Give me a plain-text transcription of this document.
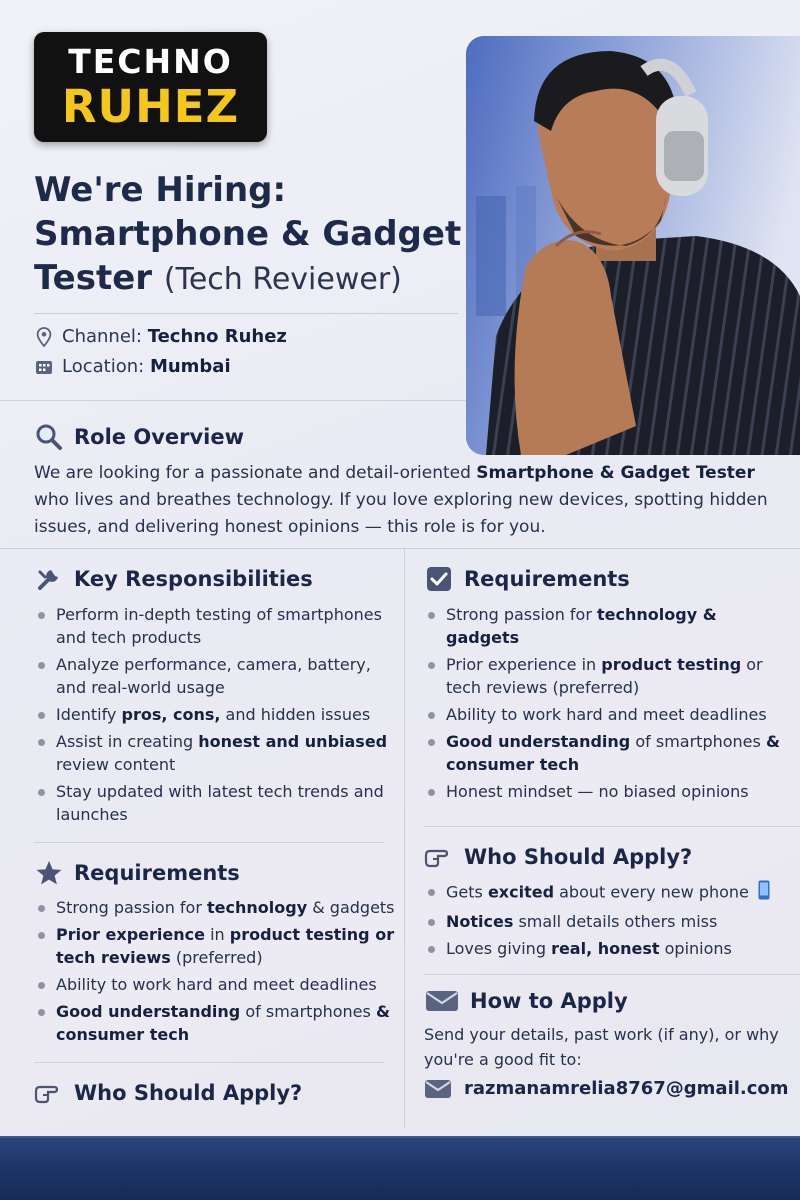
TECHNO
RUHEZ
We're Hiring:
Smartphone & Gadget
Tester (Tech Reviewer)
Channel:
Techno Ruhez
Location:
Mumbai
Role Overview
We are looking for a passionate and detail-oriented Smartphone & Gadget Tester who lives and breathes technology. If you love exploring new devices, spotting hidden issues, and delivering honest opinions — this role is for you.
Key Responsibilities
Perform in-depth testing of smartphones and tech products
Analyze performance, camera, battery, and real-world usage
Identify pros, cons, and hidden issues
Assist in creating honest and unbiased review content
Stay updated with latest tech trends and launches
Requirements
Strong passion for technology & gadgets
Prior experience in product testing or tech reviews (preferred)
Ability to work hard and meet deadlines
Good understanding of smartphones & consumer tech
Who Should Apply?
Requirements
Strong passion for technology & gadgets
Prior experience in product testing or tech reviews (preferred)
Ability to work hard and meet deadlines
Good understanding of smartphones & consumer tech
Honest mindset — no biased opinions
Who Should Apply?
Gets excited about every new phone
Notices small details others miss
Loves giving real, honest opinions
How to Apply
Send your details, past work (if any), or why you're a good fit to:
razmanamrelia8767@gmail.com
